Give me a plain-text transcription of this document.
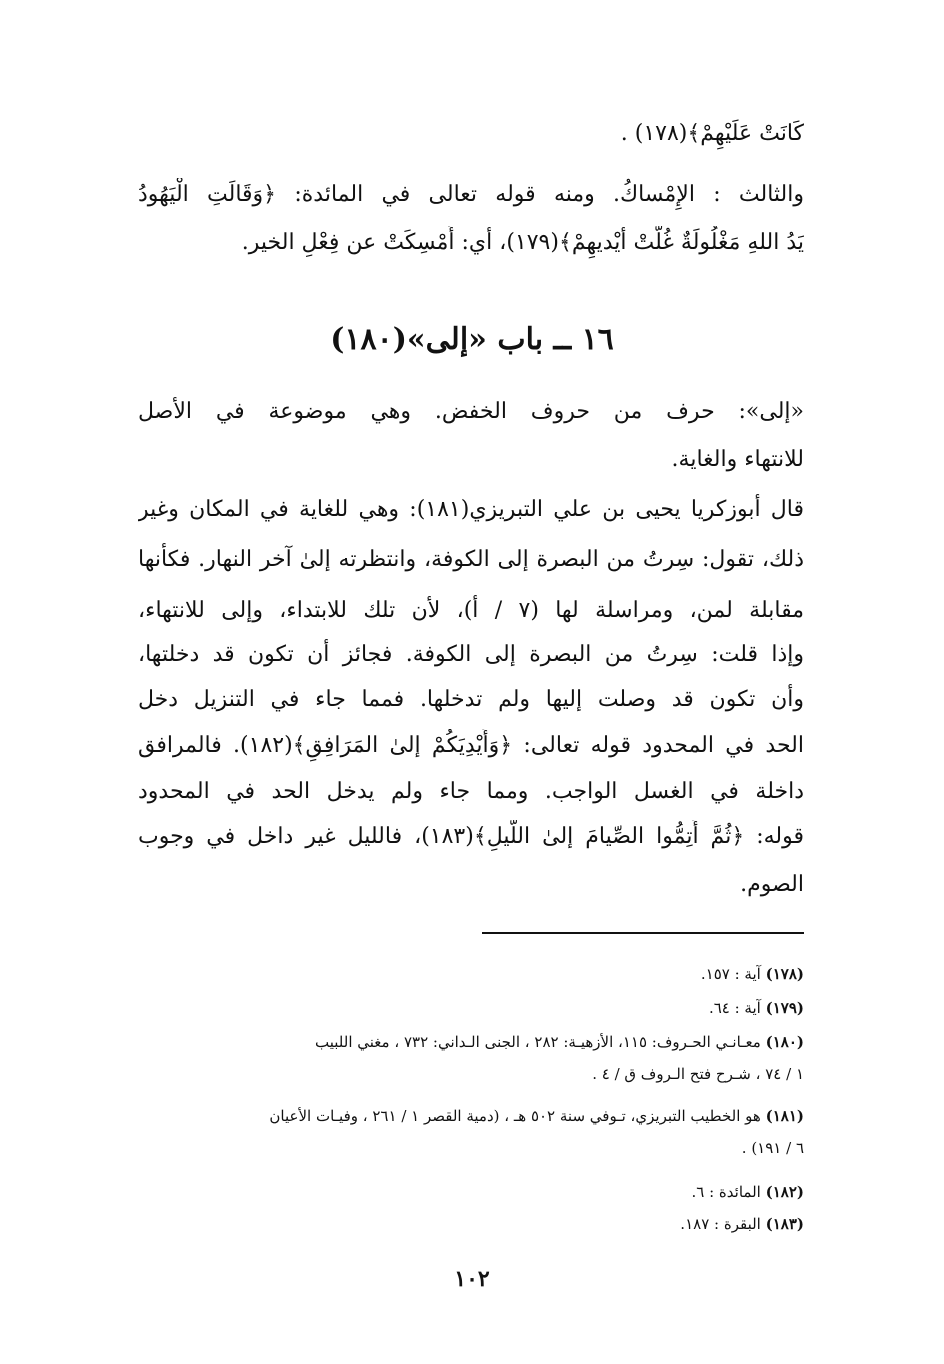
كَانَتْ عَلَيْهِمْ﴾(١٧٨) .
والثالث : الإِمْساكُ. ومنه قوله تعالى في المائدة: ﴿وَقَالَتِ الْيَهُودُ
يَدُ اللهِ مَغْلُولَةٌ غُلَّتْ أيْديهِمْ﴾(١٧٩)، أي: أُمْسِكَتْ عن فِعْلِ الخير.
١٦ ــ باب «إلى»(١٨٠)
«إلى»: حرف من حروف الخفض. وهي موضوعة في الأصل
للانتهاء والغاية.
قال أبوزكريا يحيى بن علي التبريزي(١٨١): وهي للغاية في المكان وغير
ذلك، تقول: سِرتُ من البصرة إلى الكوفة، وانتظرته إلىٰ آخر النهار. فكأنها
مقابلة لمن، ومراسلة لها (٧ / أ)، لأن تلك للابتداء، وإلى للانتهاء،
وإذا قلت: سِرتُ من البصرة إلى الكوفة. فجائز أن تكون قد دخلتها،
وأن تكون قد وصلت إليها ولم تدخلها. فمما جاء في التنزيل دخل
الحد في المحدود قوله تعالى: ﴿وَأَيْدِيَكُمْ إلىٰ المَرَافِقِ﴾(١٨٢). فالمرافق
داخلة في الغسل الواجب. ومما جاء ولم يدخل الحد في المحدود
قوله: ﴿ثُمَّ أَتِمُّوا الصِّيامَ إلىٰ اللَّيلِ﴾(١٨٣)، فالليل غير داخل في وجوب
الصوم.
(١٧٨) آية : ١٥٧.
(١٧٩) آية : ٦٤.
(١٨٠) معـانـي الحـروف: ١١٥، الأزهيـة: ٢٨٢ ، الجنى الـداني: ٧٣٢ ، مغني اللبيب
١ / ٧٤ ، شـرح فتح الـروف ق / ٤ .
(١٨١) هو الخطيب التبريزي، تـوفي سنة ٥٠٢ هـ ، (دمية القصر ١ / ٢٦١ ، وفيـات الأعيان
٦ / ١٩١) .
(١٨٢) المائدة : ٦.
(١٨٣) البقرة : ١٨٧.
١٠٢
